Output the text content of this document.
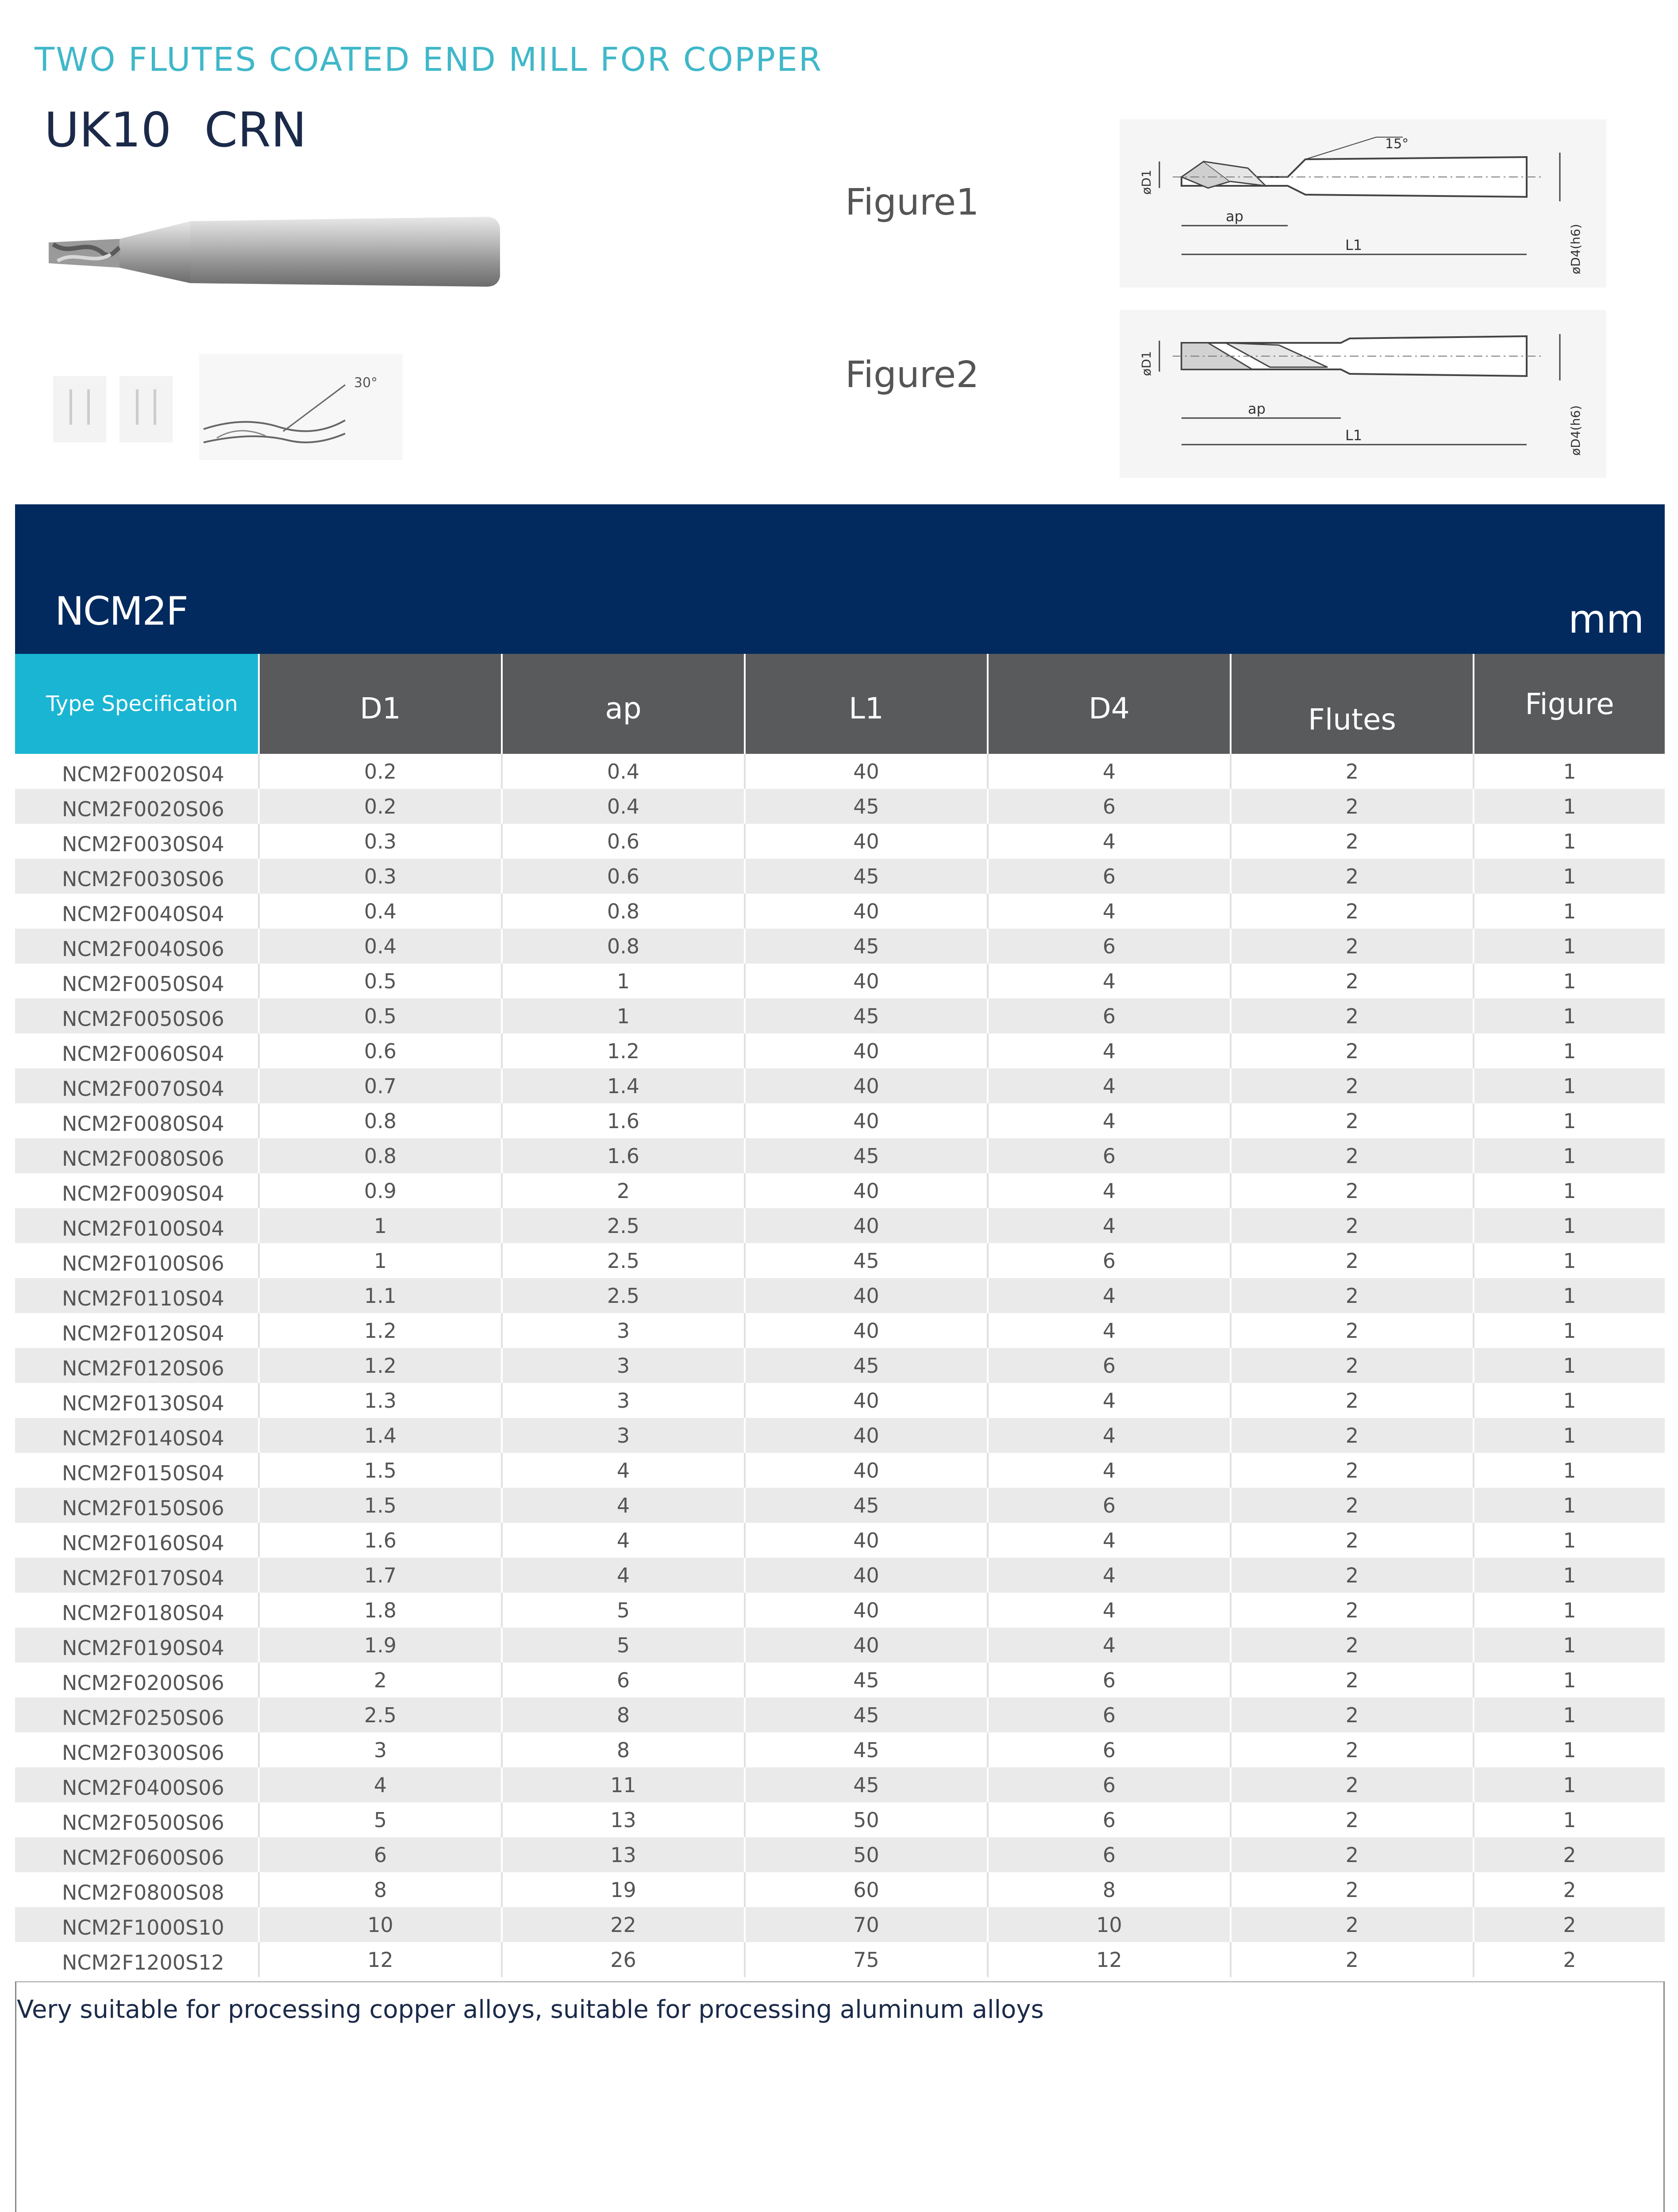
TWO FLUTES COATED END MILL FOR COPPER
UK10 CRN
30°
Figure1
Figure2
15°
øD1
ap
L1	øD4(h6)
øD1
ap
L1	øD4(h6)
NCM2F	mm
Type Specification	D1	ap	L1	D4	Flutes	Figure
NCM2F0020S04	0.2	0.4	40	4	2	1
NCM2F0020S06	0.2	0.4	45	6	2	1
NCM2F0030S04	0.3	0.6	40	4	2	1
NCM2F0030S06	0.3	0.6	45	6	2	1
NCM2F0040S04	0.4	0.8	40	4	2	1
NCM2F0040S06	0.4	0.8	45	6	2	1
NCM2F0050S04	0.5	1	40	4	2	1
NCM2F0050S06	0.5	1	45	6	2	1
NCM2F0060S04	0.6	1.2	40	4	2	1
NCM2F0070S04	0.7	1.4	40	4	2	1
NCM2F0080S04	0.8	1.6	40	4	2	1
NCM2F0080S06	0.8	1.6	45	6	2	1
NCM2F0090S04	0.9	2	40	4	2	1
NCM2F0100S04	1	2.5	40	4	2	1
NCM2F0100S06	1	2.5	45	6	2	1
NCM2F0110S04	1.1	2.5	40	4	2	1
NCM2F0120S04	1.2	3	40	4	2	1
NCM2F0120S06	1.2	3	45	6	2	1
NCM2F0130S04	1.3	3	40	4	2	1
NCM2F0140S04	1.4	3	40	4	2	1
NCM2F0150S04	1.5	4	40	4	2	1
NCM2F0150S06	1.5	4	45	6	2	1
NCM2F0160S04	1.6	4	40	4	2	1
NCM2F0170S04	1.7	4	40	4	2	1
NCM2F0180S04	1.8	5	40	4	2	1
NCM2F0190S04	1.9	5	40	4	2	1
NCM2F0200S06	2	6	45	6	2	1
NCM2F0250S06	2.5	8	45	6	2	1
NCM2F0300S06	3	8	45	6	2	1
NCM2F0400S06	4	11	45	6	2	1
NCM2F0500S06	5	13	50	6	2	1
NCM2F0600S06	6	13	50	6	2	2
NCM2F0800S08	8	19	60	8	2	2
NCM2F1000S10	10	22	70	10	2	2
NCM2F1200S12	12	26	75	12	2	2
Very suitable for processing copper alloys, suitable for processing aluminum alloys
